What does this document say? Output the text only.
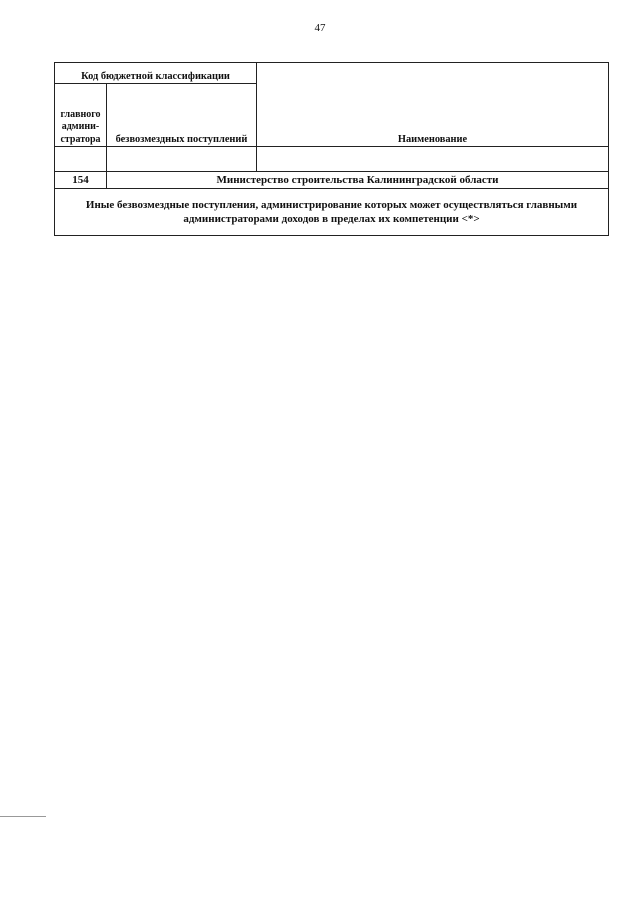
47
Код бюджетной классификации		Наименование
главного админи-стратора	безвозмездных поступлений	

154	Министерство строительства Калининградской области	
Иные безвозмездные поступления, администрирование которых может осуществляться главными администраторами доходов в пределах их компетенции <*>		
